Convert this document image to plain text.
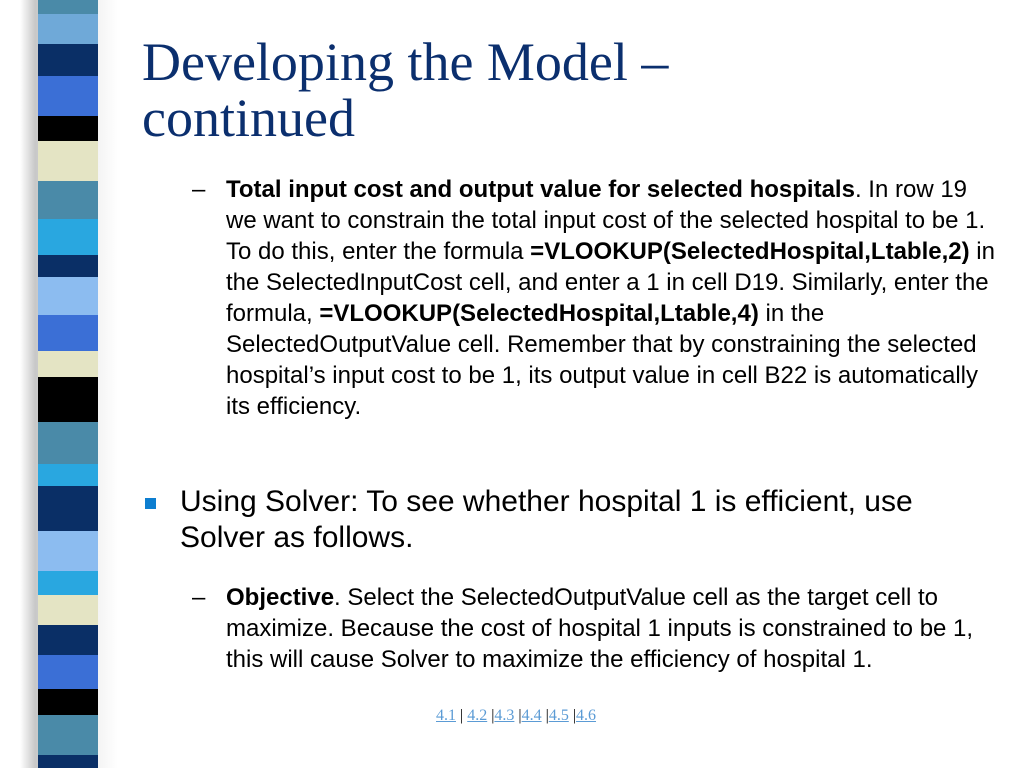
Developing the Model –
continued
– Total input cost and output value for selected hospitals. In row 19 we want to constrain the total input cost of the selected hospital to be 1. To do this, enter the formula =VLOOKUP(SelectedHospital,Ltable,2) in the SelectedInputCost cell, and enter a 1 in cell D19. Similarly, enter the formula, =VLOOKUP(SelectedHospital,Ltable,4) in the SelectedOutputValue cell. Remember that by constraining the selected hospital’s input cost to be 1, its output value in cell B22 is automatically its efficiency.
Using Solver: To see whether hospital 1 is efficient, use Solver as follows.
– Objective. Select the SelectedOutputValue cell as the target cell to maximize. Because the cost of hospital 1 inputs is constrained to be 1, this will cause Solver to maximize the efficiency of hospital 1.
4.1 | 4.2 |4.3 |4.4 |4.5 |4.6
